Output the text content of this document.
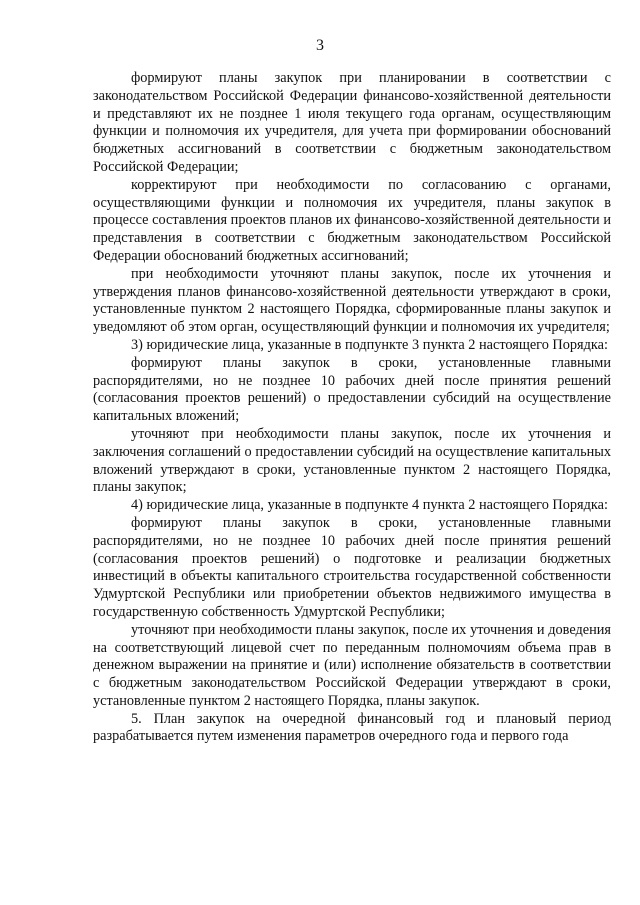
3

формируют планы закупок при планировании в соответствии с законодательством Российской Федерации финансово-хозяйственной деятельности и представляют их не позднее 1 июля текущего года органам, осуществляющим функции и полномочия их учредителя, для учета при формировании обоснований бюджетных ассигнований в соответствии с бюджетным законодательством Российской Федерации;

корректируют при необходимости по согласованию с органами, осуществляющими функции и полномочия их учредителя, планы закупок в процессе составления проектов планов их финансово-хозяйственной деятельности и представления в соответствии с бюджетным законодательством Российской Федерации обоснований бюджетных ассигнований;

при необходимости уточняют планы закупок, после их уточнения и утверждения планов финансово-хозяйственной деятельности утверждают в сроки, установленные пунктом 2 настоящего Порядка, сформированные планы закупок и уведомляют об этом орган, осуществляющий функции и полномочия их учредителя;

3) юридические лица, указанные в подпункте 3 пункта 2 настоящего Порядка:

формируют планы закупок в сроки, установленные главными распорядителями, но не позднее 10 рабочих дней после принятия решений (согласования проектов решений) о предоставлении субсидий на осуществление капитальных вложений;

уточняют при необходимости планы закупок, после их уточнения и заключения соглашений о предоставлении субсидий на осуществление капитальных вложений утверждают в сроки, установленные пунктом 2 настоящего Порядка, планы закупок;

4) юридические лица, указанные в подпункте 4 пункта 2 настоящего Порядка:

формируют планы закупок в сроки, установленные главными распорядителями, но не позднее 10 рабочих дней после принятия решений (согласования проектов решений) о подготовке и реализации бюджетных инвестиций в объекты капитального строительства государственной собственности Удмуртской Республики или приобретении объектов недвижимого имущества в государственную собственность Удмуртской Республики;

уточняют при необходимости планы закупок, после их уточнения и доведения на соответствующий лицевой счет по переданным полномочиям объема прав в денежном выражении на принятие и (или) исполнение обязательств в соответствии с бюджетным законодательством Российской Федерации утверждают в сроки, установленные пунктом 2 настоящего Порядка, планы закупок.

5. План закупок на очередной финансовый год и плановый период разрабатывается путем изменения параметров очередного года и первого года
